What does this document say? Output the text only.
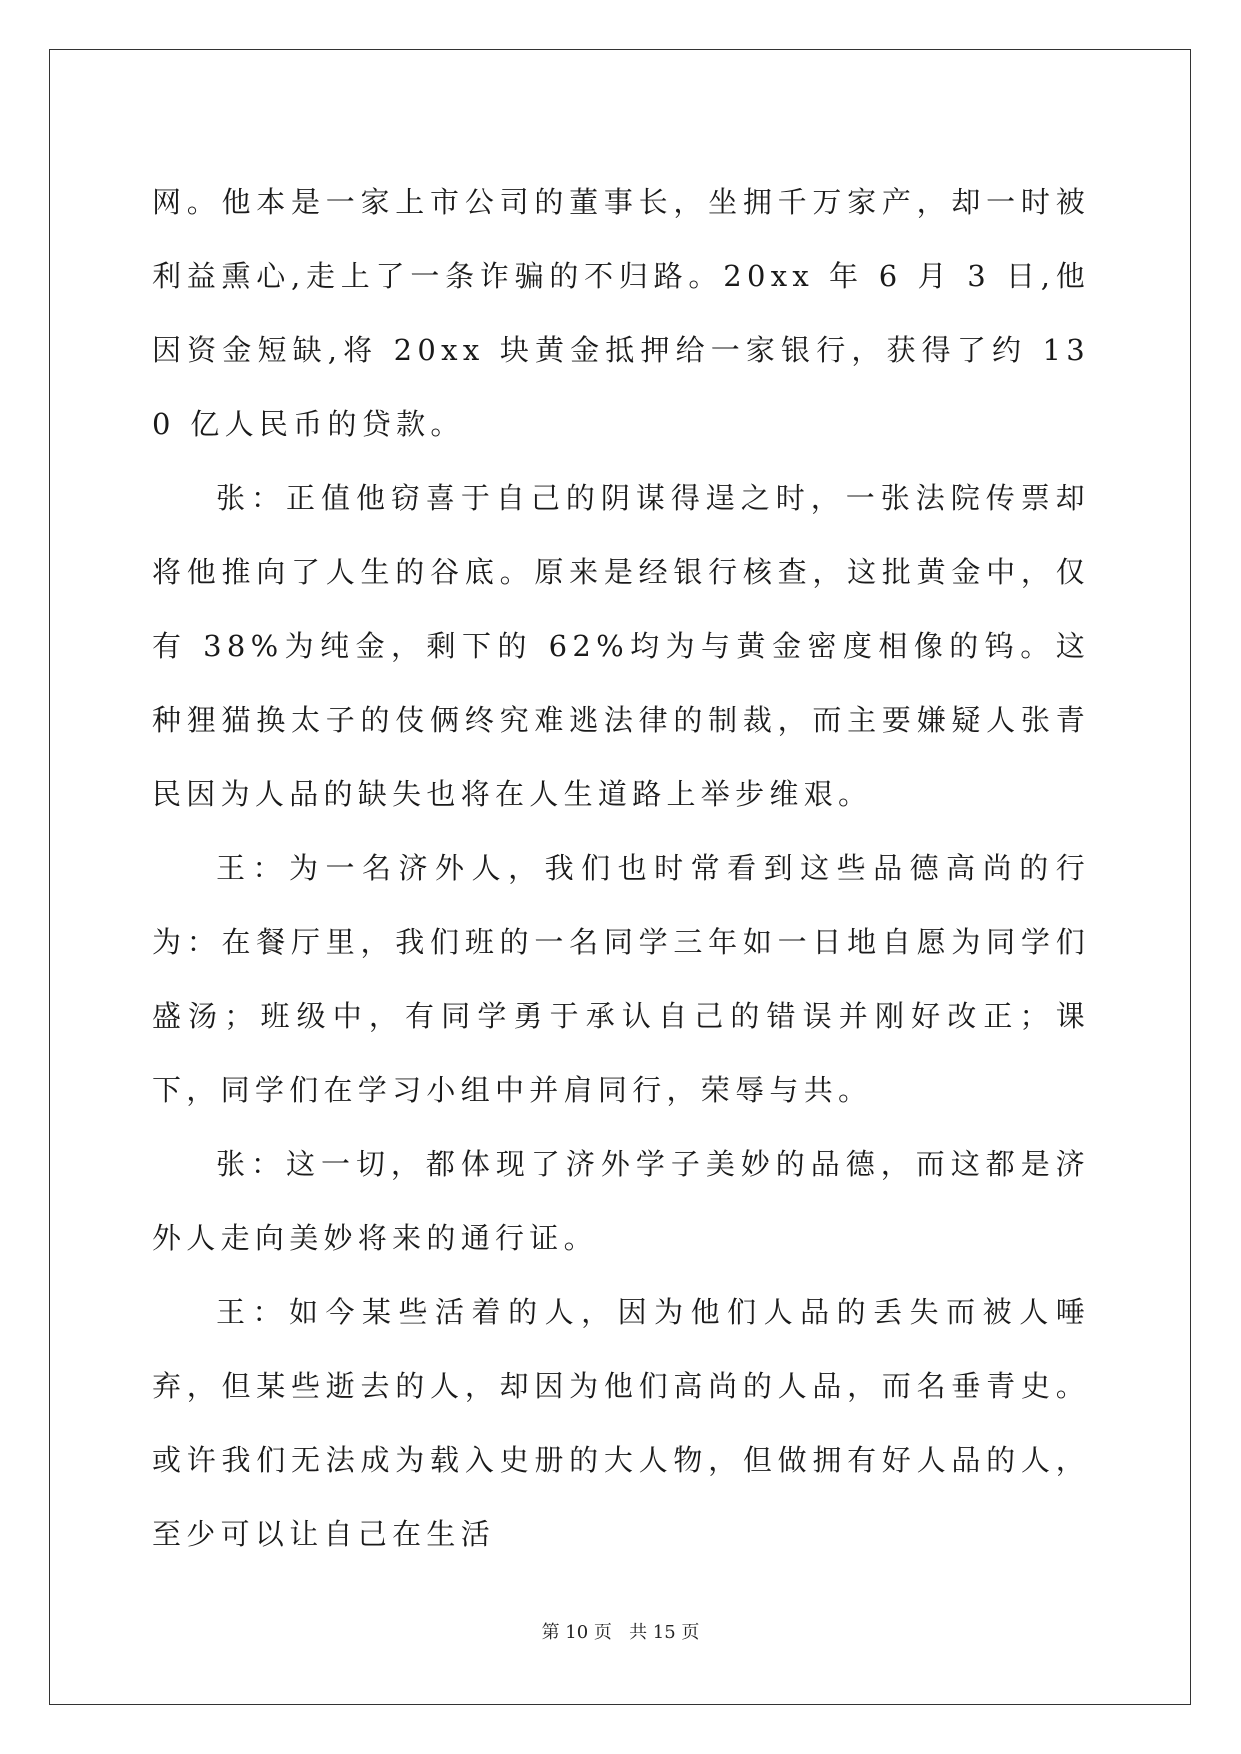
网。他本是一家上市公司的董事长，坐拥千万家产，却一时被利益熏心,走上了一条诈骗的不归路。20xx 年 6 月 3 日,他因资金短缺,将 20xx 块黄金抵押给一家银行，获得了约 130 亿人民币的贷款。

张：正值他窃喜于自己的阴谋得逞之时，一张法院传票却将他推向了人生的谷底。原来是经银行核查，这批黄金中，仅有 38%为纯金，剩下的 62%均为与黄金密度相像的钨。这种狸猫换太子的伎俩终究难逃法律的制裁，而主要嫌疑人张青民因为人品的缺失也将在人生道路上举步维艰。

王：为一名济外人，我们也时常看到这些品德高尚的行为：在餐厅里，我们班的一名同学三年如一日地自愿为同学们盛汤；班级中，有同学勇于承认自己的错误并刚好改正；课下，同学们在学习小组中并肩同行，荣辱与共。

张：这一切，都体现了济外学子美妙的品德，而这都是济外人走向美妙将来的通行证。

王：如今某些活着的人，因为他们人品的丢失而被人唾弃，但某些逝去的人，却因为他们高尚的人品，而名垂青史。或许我们无法成为载入史册的大人物，但做拥有好人品的人，至少可以让自己在生活

第 10 页   共 15 页
